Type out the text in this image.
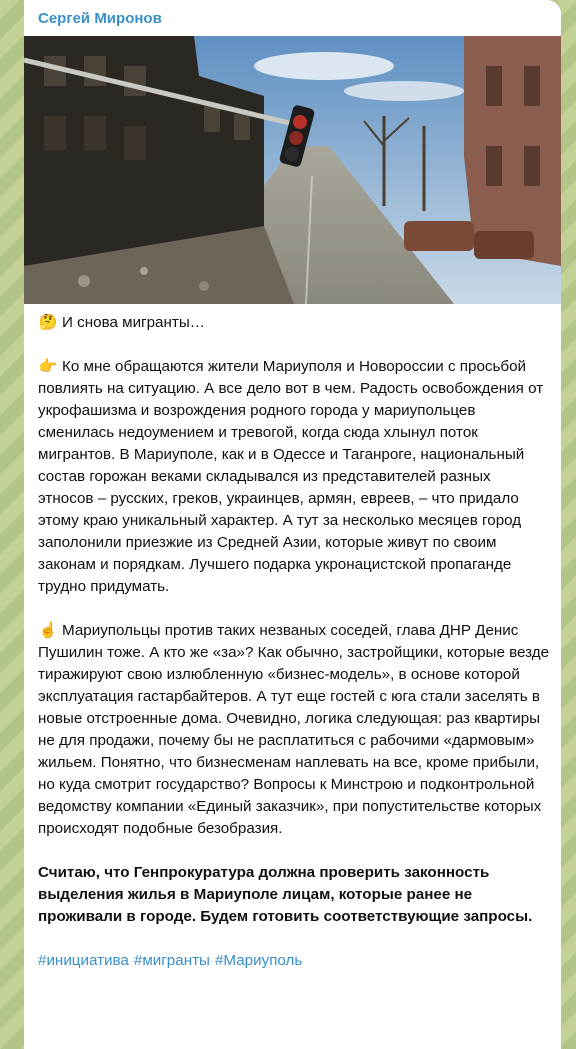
Сергей Миронов

🤔 И снова мигранты…

👉 Ко мне обращаются жители Мариуполя и Новороссии с просьбой повлиять на ситуацию. А все дело вот в чем. Радость освобождения от укрофашизма и возрождения родного города у мариупольцев сменилась недоумением и тревогой, когда сюда хлынул поток мигрантов. В Мариуполе, как и в Одессе и Таганроге, национальный состав горожан веками складывался из представителей разных этносов – русских, греков, украинцев, армян, евреев, – что придало этому краю уникальный характер. А тут за несколько месяцев город заполонили приезжие из Средней Азии, которые живут по своим законам и порядкам. Лучшего подарка укронацистской пропаганде трудно придумать.

☝️ Мариупольцы против таких незваных соседей, глава ДНР Денис Пушилин тоже. А кто же «за»? Как обычно, застройщики, которые везде тиражируют свою излюбленную «бизнес-модель», в основе которой эксплуатация гастарбайтеров. А тут еще гостей с юга стали заселять в новые отстроенные дома. Очевидно, логика следующая: раз квартиры не для продажи, почему бы не расплатиться с рабочими «дармовым» жильем. Понятно, что бизнесменам наплевать на все, кроме прибыли, но куда смотрит государство? Вопросы к Минстрою и подконтрольной ведомству компании «Единый заказчик», при попустительстве которых происходят подобные безобразия.

Считаю, что Генпрокуратура должна проверить законность выделения жилья в Мариуполе лицам, которые ранее не проживали в городе. Будем готовить соответствующие запросы.

#инициатива #мигранты #Мариуполь
